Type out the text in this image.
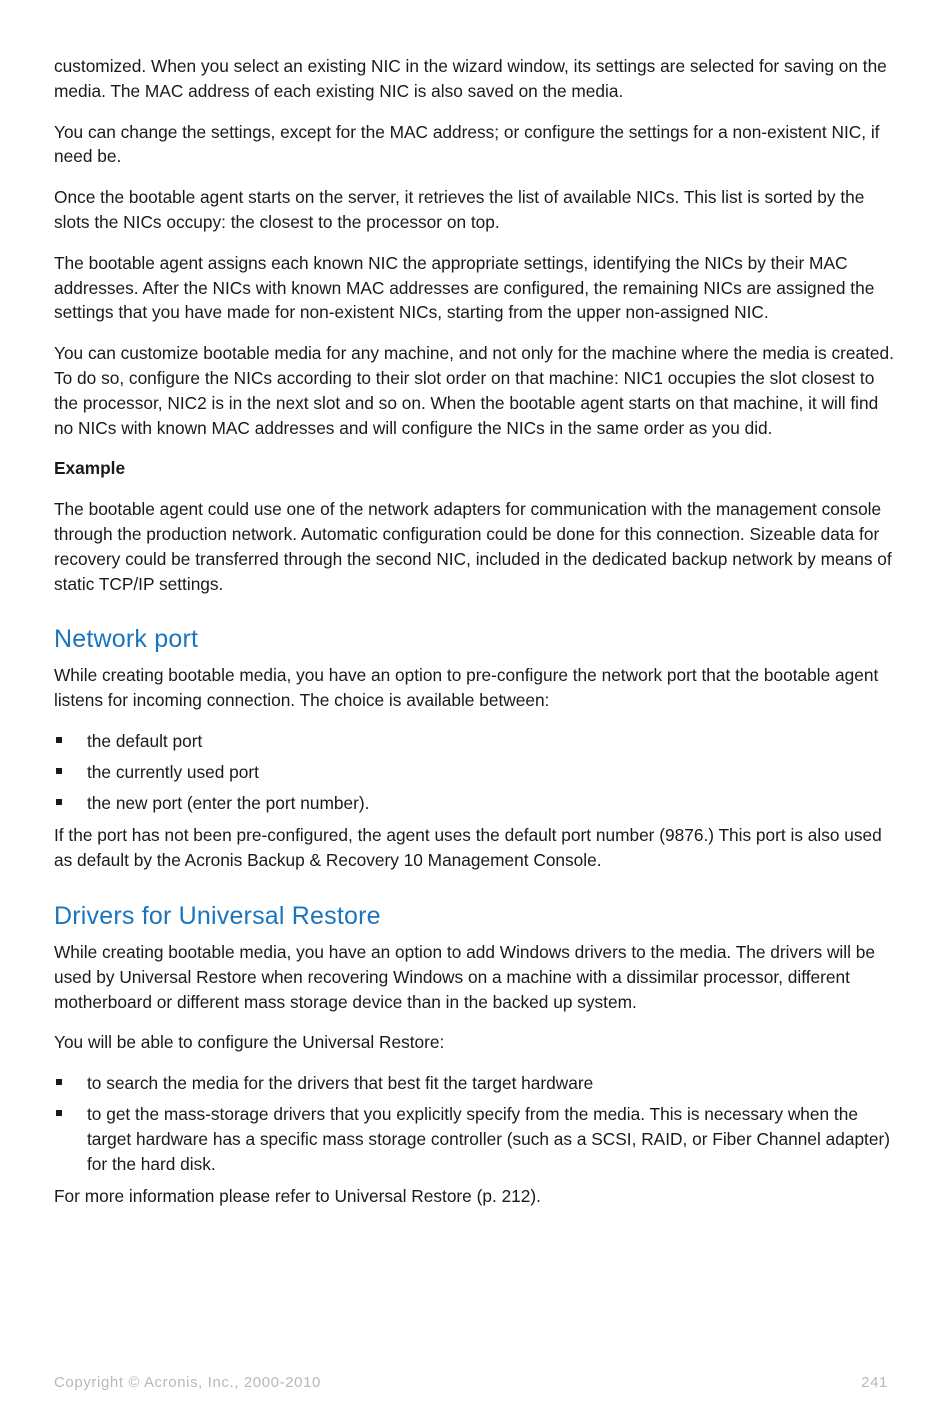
customized. When you select an existing NIC in the wizard window, its settings are selected for saving on the media. The MAC address of each existing NIC is also saved on the media.

You can change the settings, except for the MAC address; or configure the settings for a non-existent NIC, if need be.

Once the bootable agent starts on the server, it retrieves the list of available NICs. This list is sorted by the slots the NICs occupy: the closest to the processor on top.

The bootable agent assigns each known NIC the appropriate settings, identifying the NICs by their MAC addresses. After the NICs with known MAC addresses are configured, the remaining NICs are assigned the settings that you have made for non-existent NICs, starting from the upper non-assigned NIC.

You can customize bootable media for any machine, and not only for the machine where the media is created. To do so, configure the NICs according to their slot order on that machine: NIC1 occupies the slot closest to the processor, NIC2 is in the next slot and so on. When the bootable agent starts on that machine, it will find no NICs with known MAC addresses and will configure the NICs in the same order as you did.

Example

The bootable agent could use one of the network adapters for communication with the management console through the production network. Automatic configuration could be done for this connection. Sizeable data for recovery could be transferred through the second NIC, included in the dedicated backup network by means of static TCP/IP settings.

Network port

While creating bootable media, you have an option to pre-configure the network port that the bootable agent listens for incoming connection. The choice is available between:

the default port
the currently used port
the new port (enter the port number).

If the port has not been pre-configured, the agent uses the default port number (9876.) This port is also used as default by the Acronis Backup & Recovery 10 Management Console.

Drivers for Universal Restore

While creating bootable media, you have an option to add Windows drivers to the media. The drivers will be used by Universal Restore when recovering Windows on a machine with a dissimilar processor, different motherboard or different mass storage device than in the backed up system.

You will be able to configure the Universal Restore:

to search the media for the drivers that best fit the target hardware
to get the mass-storage drivers that you explicitly specify from the media. This is necessary when the target hardware has a specific mass storage controller (such as a SCSI, RAID, or Fiber Channel adapter) for the hard disk.

For more information please refer to Universal Restore (p. 212).

Copyright © Acronis, Inc., 2000-2010	241
